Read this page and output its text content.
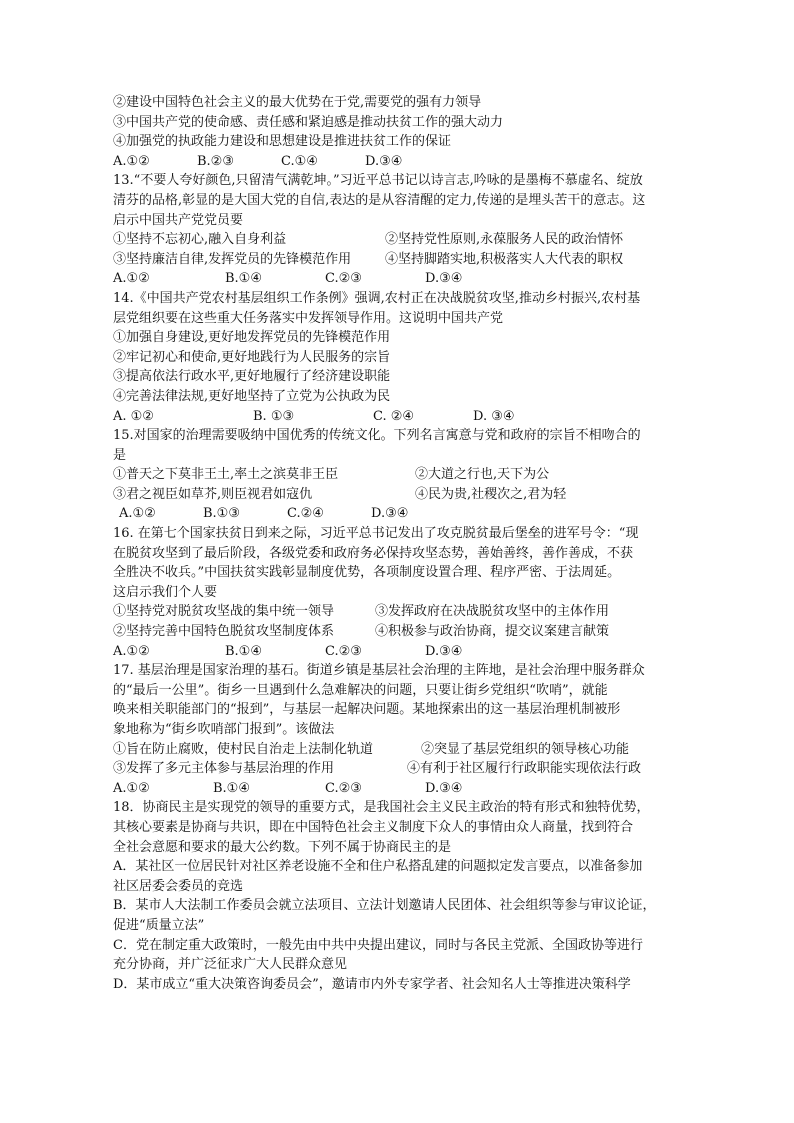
②建设中国特色社会主义的最大优势在于党,需要党的强有力领导
③中国共产党的使命感、责任感和紧迫感是推动扶贫工作的强大动力
④加强党的执政能力建设和思想建设是推进扶贫工作的保证
A.①②	B.②③	C.①④	D.③④
13.“不要人夸好颜色,只留清气满乾坤。”习近平总书记以诗言志,吟咏的是墨梅不慕虚名、绽放
清芬的品格,彰显的是大国大党的自信,表达的是从容清醒的定力,传递的是埋头苦干的意志。这
启示中国共产党党员要
①坚持不忘初心,融入自身利益	②坚持党性原则,永葆服务人民的政治情怀
③坚持廉洁自律,发挥党员的先锋模范作用	④坚持脚踏实地,积极落实人大代表的职权
A.①②	B.①④	C.②③	D.③④
14.《中国共产党农村基层组织工作条例》强调,农村正在决战脱贫攻坚,推动乡村振兴,农村基
层党组织要在这些重大任务落实中发挥领导作用。这说明中国共产党
①加强自身建设,更好地发挥党员的先锋模范作用
②牢记初心和使命,更好地践行为人民服务的宗旨
③提高依法行政水平,更好地履行了经济建设职能
④完善法律法规,更好地坚持了立党为公执政为民
A. ①②	B. ①③	C. ②④	D. ③④
15.对国家的治理需要吸纳中国优秀的传统文化。下列名言寓意与党和政府的宗旨不相吻合的
是
①普天之下莫非王土,率土之滨莫非王臣	②大道之行也,天下为公
③君之视臣如草芥,则臣视君如寇仇	④民为贵,社稷次之,君为轻
A.①②	B.①③	C.②④	D.③④
16. 在第七个国家扶贫日到来之际，习近平总书记发出了攻克脱贫最后堡垒的进军号令：“现
在脱贫攻坚到了最后阶段，各级党委和政府务必保持攻坚态势，善始善终，善作善成，不获
全胜决不收兵。”中国扶贫实践彰显制度优势，各项制度设置合理、程序严密、于法周延。
这启示我们个人要
①坚持党对脱贫攻坚战的集中统一领导	③发挥政府在决战脱贫攻坚中的主体作用
②坚持完善中国特色脱贫攻坚制度体系	④积极参与政治协商，提交议案建言献策
A.①②	B.①④	C.②③	D.③④
17. 基层治理是国家治理的基石。街道乡镇是基层社会治理的主阵地，是社会治理中服务群众
的“最后一公里”。街乡一旦遇到什么急难解决的问题，只要让街乡党组织“吹哨”，就能
唤来相关职能部门的“报到”，与基层一起解决问题。某地探索出的这一基层治理机制被形
象地称为“街乡吹哨部门报到”。该做法
①旨在防止腐败，使村民自治走上法制化轨道	②突显了基层党组织的领导核心功能
③发挥了多元主体参与基层治理的作用	④有利于社区履行行政职能实现依法行政
A.①②	B.①④	C.②③	D.③④
18．协商民主是实现党的领导的重要方式，是我国社会主义民主政治的特有形式和独特优势，
其核心要素是协商与共识，即在中国特色社会主义制度下众人的事情由众人商量，找到符合
全社会意愿和要求的最大公约数。下列不属于协商民主的是
A．某社区一位居民针对社区养老设施不全和住户私搭乱建的问题拟定发言要点，以准备参加
社区居委会委员的竞选
B．某市人大法制工作委员会就立法项目、立法计划邀请人民团体、社会组织等参与审议论证，
促进“质量立法”
C．党在制定重大政策时，一般先由中共中央提出建议，同时与各民主党派、全国政协等进行
充分协商，并广泛征求广大人民群众意见
D．某市成立“重大决策咨询委员会”，邀请市内外专家学者、社会知名人士等推进决策科学
